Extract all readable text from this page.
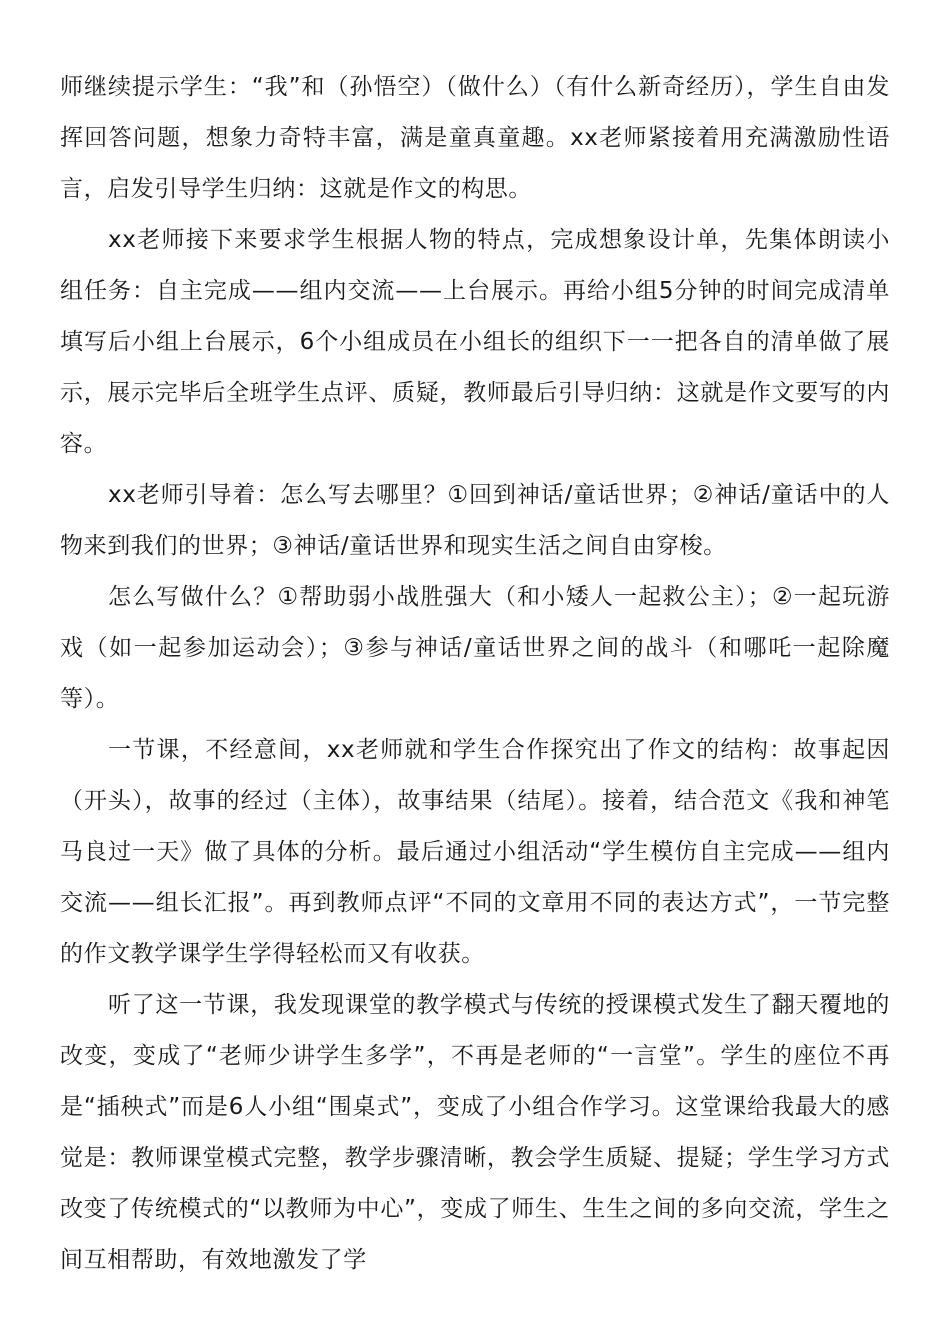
师继续提示学生：“我”和（孙悟空）（做什么）（有什么新奇经历），学生自由发挥回答问题，想象力奇特丰富，满是童真童趣。xx老师紧接着用充满激励性语言，启发引导学生归纳：这就是作文的构思。

xx老师接下来要求学生根据人物的特点，完成想象设计单，先集体朗读小组任务：自主完成——组内交流——上台展示。再给小组5分钟的时间完成清单填写后小组上台展示，6个小组成员在小组长的组织下一一把各自的清单做了展示，展示完毕后全班学生点评、质疑，教师最后引导归纳：这就是作文要写的内容。

xx老师引导着：怎么写去哪里？①回到神话/童话世界；②神话/童话中的人物来到我们的世界；③神话/童话世界和现实生活之间自由穿梭。

怎么写做什么？①帮助弱小战胜强大（和小矮人一起救公主）；②一起玩游戏（如一起参加运动会）；③参与神话/童话世界之间的战斗（和哪吒一起除魔等）。

一节课，不经意间，xx老师就和学生合作探究出了作文的结构：故事起因（开头），故事的经过（主体），故事结果（结尾）。接着，结合范文《我和神笔马良过一天》做了具体的分析。最后通过小组活动“学生模仿自主完成——组内交流——组长汇报”。再到教师点评“不同的文章用不同的表达方式”，一节完整的作文教学课学生学得轻松而又有收获。

听了这一节课，我发现课堂的教学模式与传统的授课模式发生了翻天覆地的改变，变成了“老师少讲学生多学”，不再是老师的“一言堂”。学生的座位不再是“插秧式”而是6人小组“围桌式”，变成了小组合作学习。这堂课给我最大的感觉是：教师课堂模式完整，教学步骤清晰，教会学生质疑、提疑；学生学习方式改变了传统模式的“以教师为中心”，变成了师生、生生之间的多向交流，学生之间互相帮助，有效地激发了学
